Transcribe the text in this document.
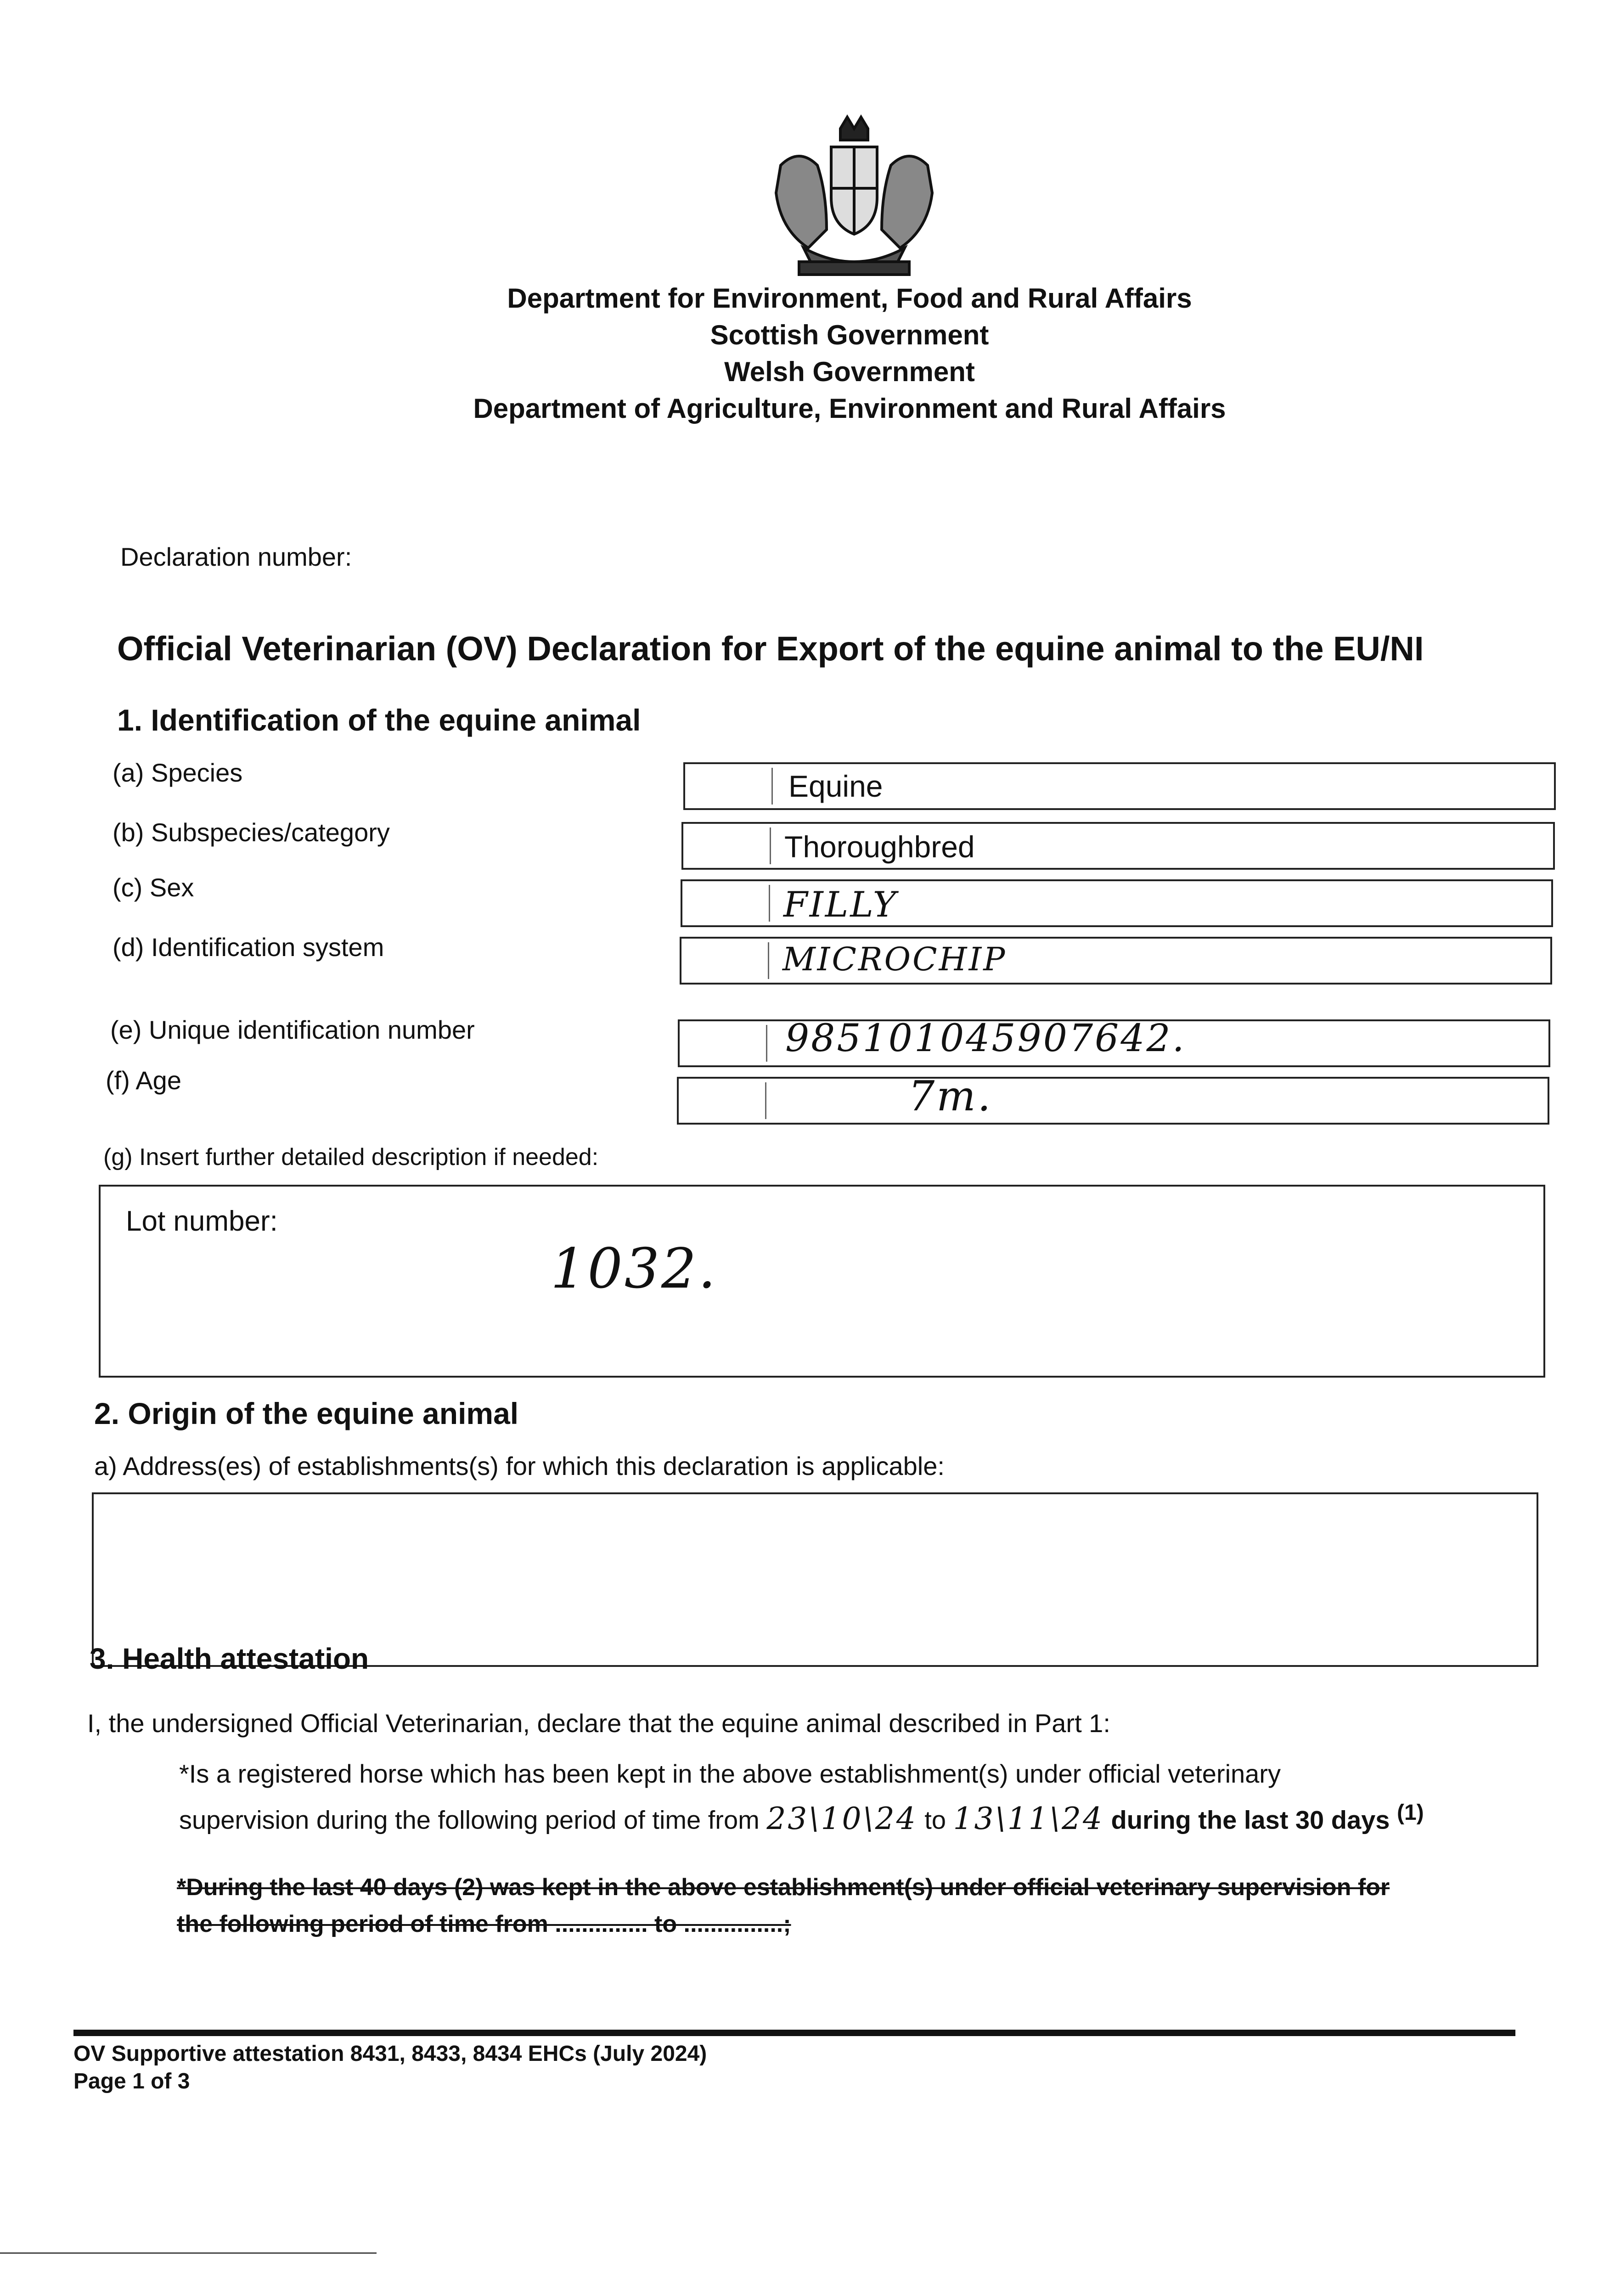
Department for Environment, Food and Rural Affairs
Scottish Government
Welsh Government
Department of Agriculture, Environment and Rural Affairs
Declaration number:
Official Veterinarian (OV) Declaration for Export of the equine animal to the EU/NI
1. Identification of the equine animal
(a) Species
(b) Subspecies/category
(c) Sex
(d) Identification system
(e) Unique identification number
(f) Age
Equine
Thoroughbred
FILLY
MICROCHIP
985101045907642.
7m.
(g) Insert further detailed description if needed:
Lot number:
1032.
2. Origin of the equine animal
a) Address(es) of establishments(s) for which this declaration is applicable:
3. Health attestation
I, the undersigned Official Veterinarian, declare that the equine animal described in Part 1:
*Is a registered horse which has been kept in the above establishment(s) under official veterinary
supervision during the following period of time from 23\10\24 to 13\11\24 during the last 30 days $^{(1)}$
*During the last 40 days (2) was kept in the above establishment(s) under official veterinary supervision for
the following period of time from .............. to ...............;
OV Supportive attestation 8431, 8433, 8434 EHCs (July 2024)
Page 1 of 3
